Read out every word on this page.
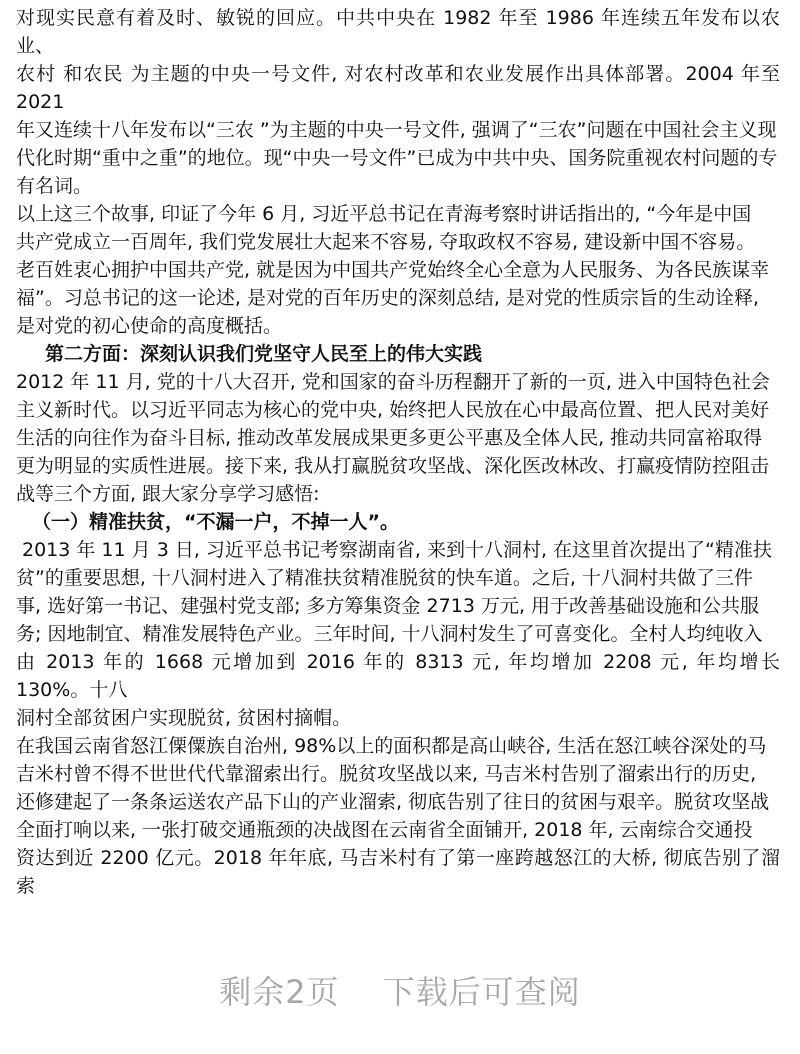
对现实民意有着及时、敏锐的回应。中共中央在 1982 年至 1986 年连续五年发布以农业、
农村 和农民 为主题的中央一号文件, 对农村改革和农业发展作出具体部署。2004 年至 2021
年又连续十八年发布以“三农 ”为主题的中央一号文件, 强调了“三农”问题在中国社会主义现
代化时期“重中之重”的地位。现“中央一号文件”已成为中共中央、国务院重视农村问题的专
有名词。
以上这三个故事, 印证了今年 6 月, 习近平总书记在青海考察时讲话指出的, “今年是中国
共产党成立一百周年, 我们党发展壮大起来不容易, 夺取政权不容易, 建设新中国不容易。
老百姓衷心拥护中国共产党, 就是因为中国共产党始终全心全意为人民服务、为各民族谋幸
福”。习总书记的这一论述, 是对党的百年历史的深刻总结, 是对党的性质宗旨的生动诠释,
是对党的初心使命的高度概括。
第二方面：深刻认识我们党坚守人民至上的伟大实践
2012 年 11 月, 党的十八大召开, 党和国家的奋斗历程翻开了新的一页, 进入中国特色社会
主义新时代。以习近平同志为核心的党中央, 始终把人民放在心中最高位置、把人民对美好
生活的向往作为奋斗目标, 推动改革发展成果更多更公平惠及全体人民, 推动共同富裕取得
更为明显的实质性进展。接下来, 我从打赢脱贫攻坚战、深化医改林改、打赢疫情防控阻击
战等三个方面, 跟大家分享学习感悟:
（一）精准扶贫，“不漏一户，不掉一人”。
2013 年 11 月 3 日, 习近平总书记考察湖南省, 来到十八洞村, 在这里首次提出了“精准扶
贫”的重要思想, 十八洞村进入了精准扶贫精准脱贫的快车道。之后, 十八洞村共做了三件
事, 选好第一书记、建强村党支部; 多方筹集资金 2713 万元, 用于改善基础设施和公共服
务; 因地制宜、精准发展特色产业。三年时间, 十八洞村发生了可喜变化。全村人均纯收入
由 2013 年的 1668 元增加到 2016 年的 8313 元, 年均增加 2208 元, 年均增长 130%。十八
洞村全部贫困户实现脱贫, 贫困村摘帽。
在我国云南省怒江傈僳族自治州, 98%以上的面积都是高山峡谷, 生活在怒江峡谷深处的马
吉米村曾不得不世世代代靠溜索出行。脱贫攻坚战以来, 马吉米村告别了溜索出行的历史,
还修建起了一条条运送农产品下山的产业溜索, 彻底告别了往日的贫困与艰辛。脱贫攻坚战
全面打响以来, 一张打破交通瓶颈的决战图在云南省全面铺开, 2018 年, 云南综合交通投
资达到近 2200 亿元。2018 年年底, 马吉米村有了第一座跨越怒江的大桥, 彻底告别了溜索
剩余2页 下载后可查阅
